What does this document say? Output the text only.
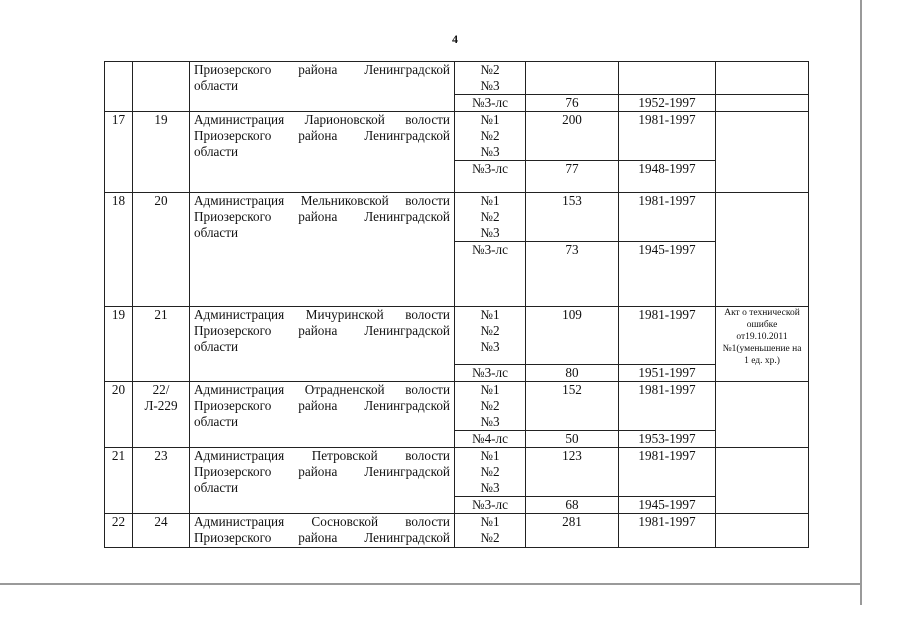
4

		Приозерского района Ленинградской
области	№2
№3			

			№3-лс	76	1952-1997	
17	19	Администрация Ларионовской волости
Приозерского района Ленинградской
области	№1
№2
№3	200	1981-1997	
			№3-лс	77	1948-1997	
18	20	Администрация Мельниковской волости
Приозерского района Ленинградской
области	№1
№2
№3	153	1981-1997	
			№3-лс	73	1945-1997	
19	21	Администрация Мичуринской волости
Приозерского района Ленинградской
области	№1
№2
№3	109	1981-1997	Акт о технической ошибке от19.10.2011 №1(уменьшение на 1 ед. хр.)
			№3-лс	80	1951-1997	
20	22/Л-229	Администрация Отрадненской волости
Приозерского района Ленинградской
области	№1
№2
№3	152	1981-1997	
			№4-лс	50	1953-1997	
21	23	Администрация Петровской волости
Приозерского района Ленинградской
области	№1
№2
№3	123	1981-1997	
			№3-лс	68	1945-1997	
22	24	Администрация Сосновской волости
Приозерского района Ленинградской	№1
№2	281	1981-1997	
